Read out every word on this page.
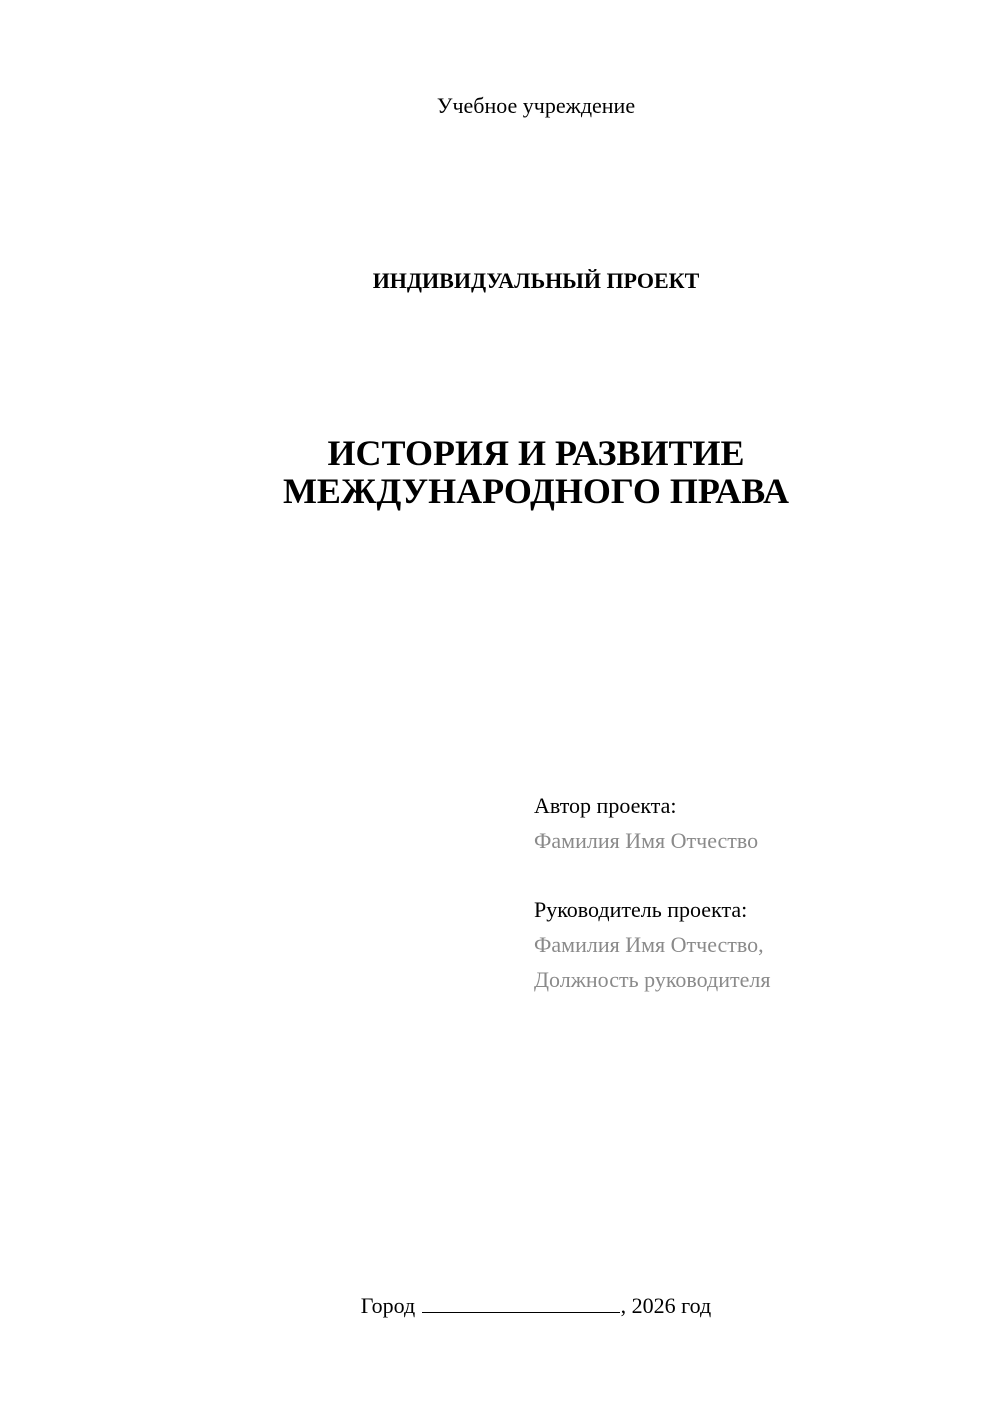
Учебное учреждение
ИНДИВИДУАЛЬНЫЙ ПРОЕКТ
ИСТОРИЯ И РАЗВИТИЕ
МЕЖДУНАРОДНОГО ПРАВА
Автор проекта:
Фамилия Имя Отчество
Руководитель проекта:
Фамилия Имя Отчество,
Должность руководителя
Город	, 2026 год
